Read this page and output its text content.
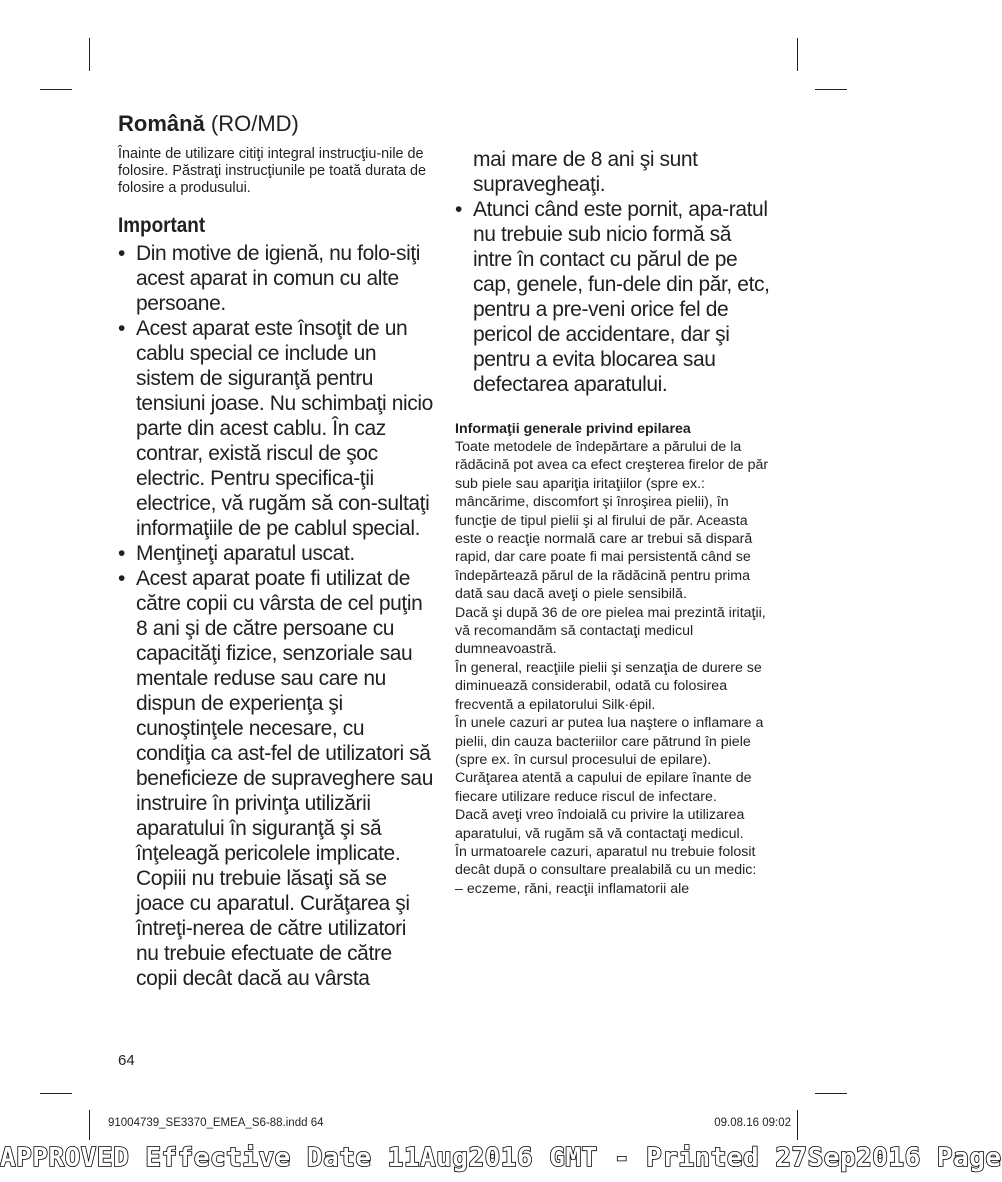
Română (RO/MD)

Înainte de utilizare citiţi integral instrucţiu-nile de folosire. Păstraţi instrucţiunile pe toată durata de folosire a produsului.

Important
• Din motive de igienă, nu folo-siţi acest aparat in comun cu alte persoane.
• Acest aparat este însoţit de un cablu special ce include un sistem de siguranţă pentru tensiuni joase. Nu schimbaţi nicio parte din acest cablu. În caz contrar, există riscul de şoc electric. Pentru specifica-ţii electrice, vă rugăm să con-sultaţi informaţiile de pe cablul special.
• Menţineţi aparatul uscat.
• Acest aparat poate fi utilizat de către copii cu vârsta de cel puţin 8 ani şi de către persoane cu capacităţi fizice, senzoriale sau mentale reduse sau care nu dispun de experienţa şi cunoştinţele necesare, cu condiţia ca ast-fel de utilizatori să beneficieze de supraveghere sau instruire în privinţa utilizării aparatului în siguranţă şi să înţeleagă pericolele implicate. Copiii nu trebuie lăsaţi să se joace cu aparatul. Curăţarea şi întreţi-nerea de către utilizatori nu trebuie efectuate de către copii decât dacă au vârsta
mai mare de 8 ani şi sunt supravegheaţi.
• Atunci când este pornit, apa-ratul nu trebuie sub nicio formă să intre în contact cu părul de pe cap, genele, fun-dele din păr, etc, pentru a pre-veni orice fel de pericol de accidentare, dar şi pentru a evita blocarea sau defectarea aparatului.

Informaţii generale privind epilarea

Toate metodele de îndepărtare a părului de la rădăcină pot avea ca efect creşterea firelor de păr sub piele sau apariţia iritaţiilor (spre ex.: mâncărime, discomfort şi înroşirea pielii), în funcţie de tipul pielii şi al firului de păr. Aceasta este o reacţie normală care ar trebui să dispară rapid, dar care poate fi mai persistentă când se îndepărtează părul de la rădăcină pentru prima dată sau dacă aveţi o piele sensibilă.

Dacă şi după 36 de ore pielea mai prezintă iritaţii, vă recomandăm să contactaţi medicul dumneavoastră.

În general, reacţiile pielii şi senzaţia de durere se diminuează considerabil, odată cu folosirea frecventă a epilatorului Silk·épil.

În unele cazuri ar putea lua naştere o inflamare a pielii, din cauza bacteriilor care pătrund în piele (spre ex. în cursul procesului de epilare). Curăţarea atentă a capului de epilare înante de fiecare utilizare reduce riscul de infectare.

Dacă aveţi vreo îndoială cu privire la utilizarea aparatului, vă rugăm să vă contactaţi medicul.

În urmatoarele cazuri, aparatul nu trebuie folosit decât după o consultare prealabilă cu un medic:

– eczeme, răni, reacţii inflamatorii ale

64
91004739_SE3370_EMEA_S6-88.indd 64	09.08.16 09:02
APPROVED Effective Date 11Aug2016 GMT - Printed 27Sep2016 Page
